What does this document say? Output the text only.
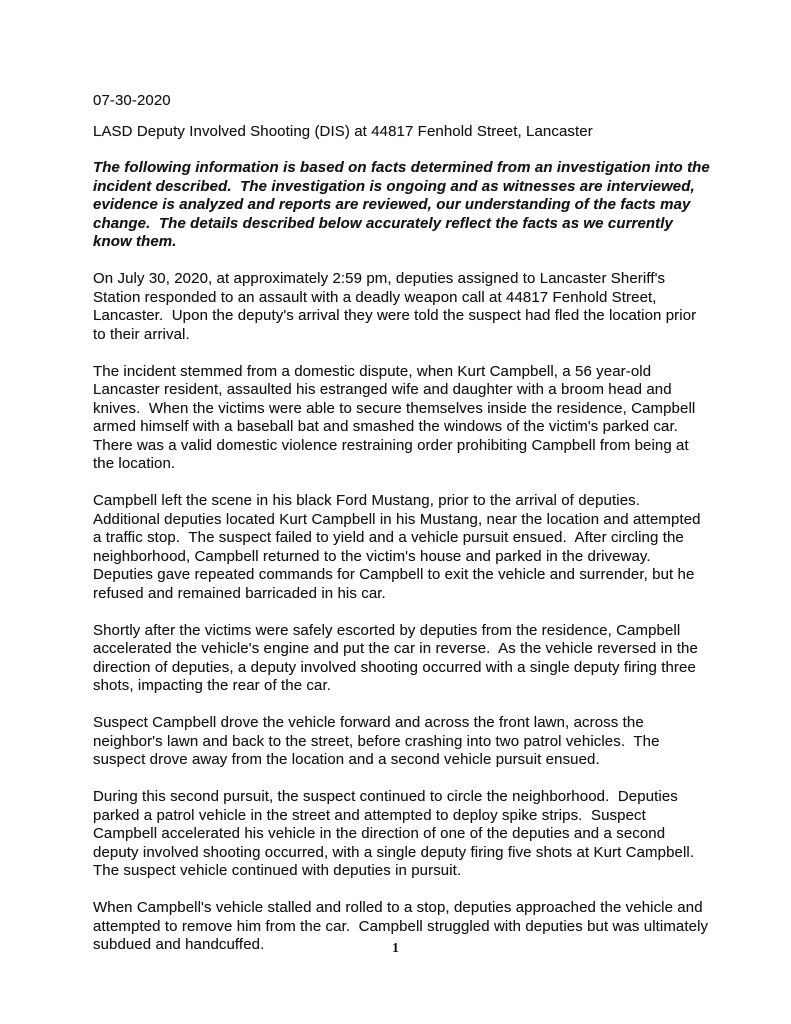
07-30-2020

LASD Deputy Involved Shooting (DIS) at 44817 Fenhold Street, Lancaster

The following information is based on facts determined from an investigation into the incident described.  The investigation is ongoing and as witnesses are interviewed, evidence is analyzed and reports are reviewed, our understanding of the facts may change.  The details described below accurately reflect the facts as we currently know them.

On July 30, 2020, at approximately 2:59 pm, deputies assigned to Lancaster Sheriff's Station responded to an assault with a deadly weapon call at 44817 Fenhold Street, Lancaster.  Upon the deputy's arrival they were told the suspect had fled the location prior to their arrival.

The incident stemmed from a domestic dispute, when Kurt Campbell, a 56 year-old Lancaster resident, assaulted his estranged wife and daughter with a broom head and knives.  When the victims were able to secure themselves inside the residence, Campbell armed himself with a baseball bat and smashed the windows of the victim's parked car.  There was a valid domestic violence restraining order prohibiting Campbell from being at the location.

Campbell left the scene in his black Ford Mustang, prior to the arrival of deputies.  Additional deputies located Kurt Campbell in his Mustang, near the location and attempted a traffic stop.  The suspect failed to yield and a vehicle pursuit ensued.  After circling the neighborhood, Campbell returned to the victim's house and parked in the driveway.  Deputies gave repeated commands for Campbell to exit the vehicle and surrender, but he refused and remained barricaded in his car.

Shortly after the victims were safely escorted by deputies from the residence, Campbell accelerated the vehicle's engine and put the car in reverse.  As the vehicle reversed in the direction of deputies, a deputy involved shooting occurred with a single deputy firing three shots, impacting the rear of the car.

Suspect Campbell drove the vehicle forward and across the front lawn, across the neighbor's lawn and back to the street, before crashing into two patrol vehicles.  The suspect drove away from the location and a second vehicle pursuit ensued.

During this second pursuit, the suspect continued to circle the neighborhood.  Deputies parked a patrol vehicle in the street and attempted to deploy spike strips.  Suspect Campbell accelerated his vehicle in the direction of one of the deputies and a second deputy involved shooting occurred, with a single deputy firing five shots at Kurt Campbell.  The suspect vehicle continued with deputies in pursuit.

When Campbell's vehicle stalled and rolled to a stop, deputies approached the vehicle and attempted to remove him from the car.  Campbell struggled with deputies but was ultimately subdued and handcuffed.	1
